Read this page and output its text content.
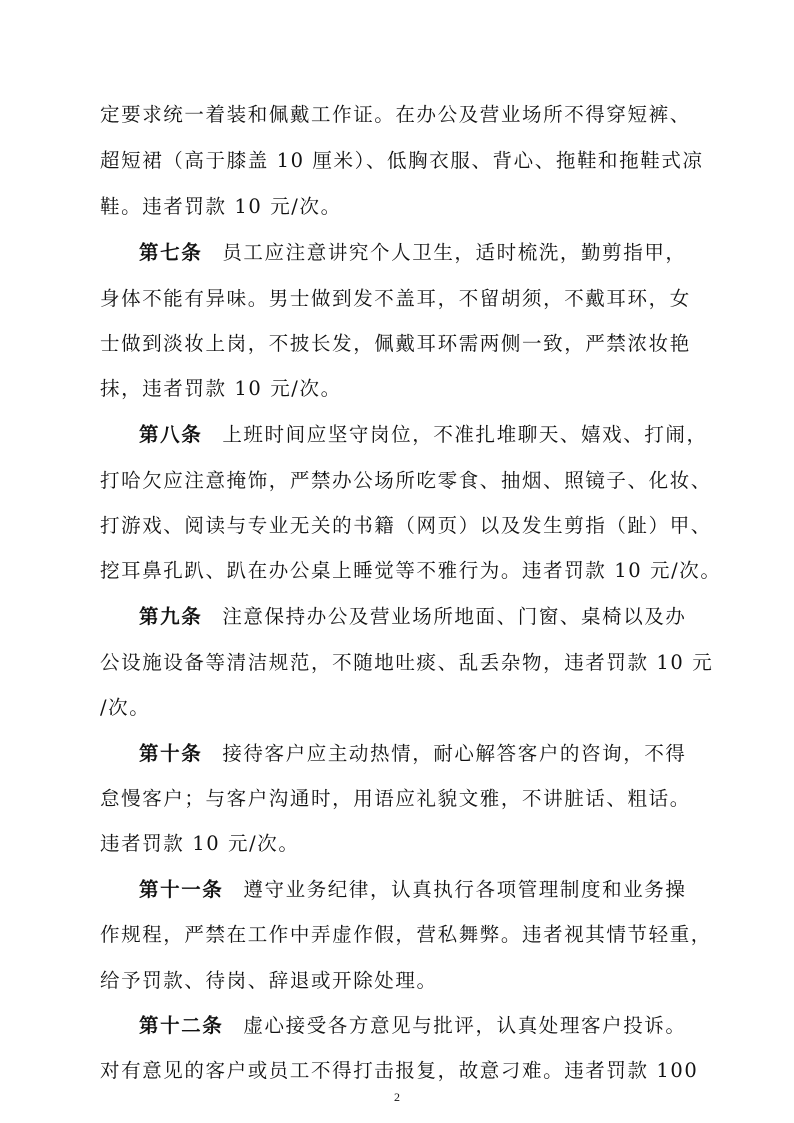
定要求统一着装和佩戴工作证。在办公及营业场所不得穿短裤、

超短裙（高于膝盖 10 厘米）、低胸衣服、背心、拖鞋和拖鞋式凉

鞋。违者罚款 10 元/次。

第七条 员工应注意讲究个人卫生，适时梳洗，勤剪指甲，

身体不能有异味。男士做到发不盖耳，不留胡须，不戴耳环，女

士做到淡妆上岗，不披长发，佩戴耳环需两侧一致，严禁浓妆艳

抹，违者罚款 10 元/次。

第八条 上班时间应坚守岗位，不准扎堆聊天、嬉戏、打闹，

打哈欠应注意掩饰，严禁办公场所吃零食、抽烟、照镜子、化妆、

打游戏、阅读与专业无关的书籍（网页）以及发生剪指（趾）甲、

挖耳鼻孔趴、趴在办公桌上睡觉等不雅行为。违者罚款 10 元/次。

第九条 注意保持办公及营业场所地面、门窗、桌椅以及办

公设施设备等清洁规范，不随地吐痰、乱丢杂物，违者罚款 10 元

/次。

第十条 接待客户应主动热情，耐心解答客户的咨询，不得

怠慢客户；与客户沟通时，用语应礼貌文雅，不讲脏话、粗话。

违者罚款 10 元/次。

第十一条 遵守业务纪律，认真执行各项管理制度和业务操

作规程，严禁在工作中弄虚作假，营私舞弊。违者视其情节轻重，

给予罚款、待岗、辞退或开除处理。

第十二条 虚心接受各方意见与批评，认真处理客户投诉。

对有意见的客户或员工不得打击报复，故意刁难。违者罚款 100

2
